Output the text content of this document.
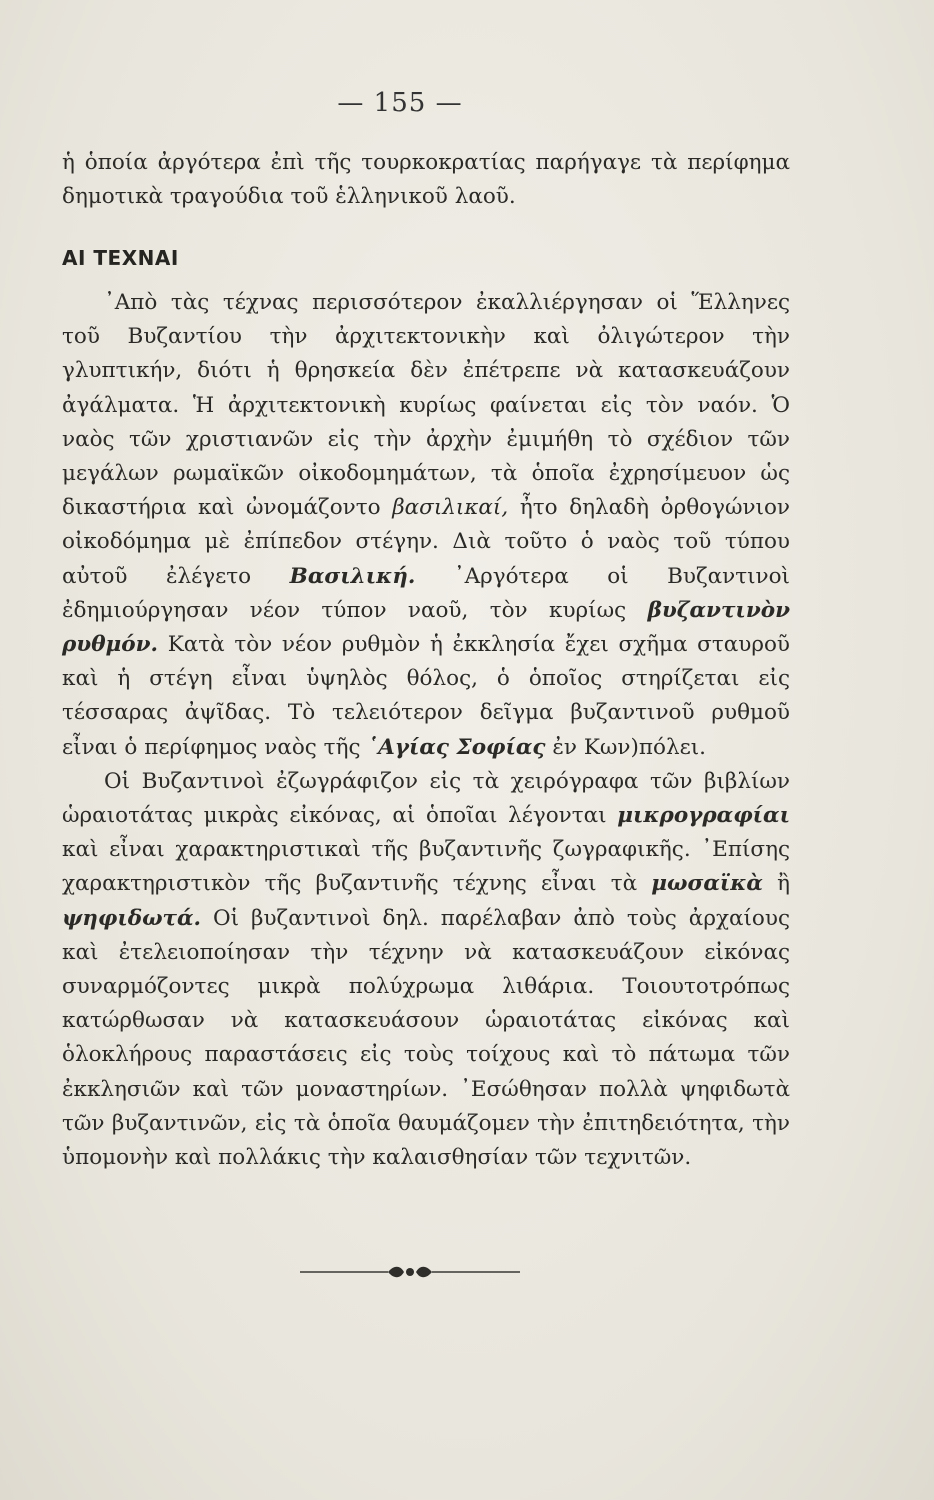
— 155 —

ἡ ὁποία ἀργότερα ἐπὶ τῆς τουρκοκρατίας παρήγαγε τὰ περίφημα δημοτικὰ τραγούδια τοῦ ἑλληνικοῦ λαοῦ.

ΑΙ ΤΕΧΝΑΙ

᾿Απὸ τὰς τέχνας περισσότερον ἐκαλλιέργησαν οἱ Ἕλληνες τοῦ Βυζαντίου τὴν ἀρχιτεκτονικὴν καὶ ὀλιγώτερον τὴν γλυπτικήν, διότι ἡ θρησκεία δὲν ἐπέτρεπε νὰ κατασκευάζουν ἀγάλματα. Ἡ ἀρχιτεκτονικὴ κυρίως φαίνεται εἰς τὸν ναόν. Ὁ ναὸς τῶν χριστιανῶν εἰς τὴν ἀρχὴν ἐμιμήθη τὸ σχέδιον τῶν μεγάλων ρωμαϊκῶν οἰκοδομημάτων, τὰ ὁποῖα ἐχρησίμευον ὡς δικαστήρια καὶ ὠνομάζοντο βασιλικαί, ἦτο δηλαδὴ ὀρθογώνιον οἰκοδόμημα μὲ ἐπίπεδον στέγην. Διὰ τοῦτο ὁ ναὸς τοῦ τύπου αὐτοῦ ἐλέγετο Βασιλική. ᾿Αργότερα οἱ Βυζαντινοὶ ἐδημιούργησαν νέον τύπον ναοῦ, τὸν κυρίως βυζαντινὸν ρυθμόν. Κατὰ τὸν νέον ρυθμὸν ἡ ἐκκλησία ἔχει σχῆμα σταυροῦ καὶ ἡ στέγη εἶναι ὑψηλὸς θόλος, ὁ ὁποῖος στηρίζεται εἰς τέσσαρας ἀψῖδας. Τὸ τελειότερον δεῖγμα βυζαντινοῦ ρυθμοῦ εἶναι ὁ περίφημος ναὸς τῆς ῾Αγίας Σοφίας ἐν Κων)πόλει.

Οἱ Βυζαντινοὶ ἐζωγράφιζον εἰς τὰ χειρόγραφα τῶν βιβλίων ὡραιοτάτας μικρὰς εἰκόνας, αἱ ὁποῖαι λέγονται μικρογραφίαι καὶ εἶναι χαρακτηριστικαὶ τῆς βυζαντινῆς ζωγραφικῆς. ᾿Επίσης χαρακτηριστικὸν τῆς βυζαντινῆς τέχνης εἶναι τὰ μωσαϊκὰ ἢ ψηφιδωτά. Οἱ βυζαντινοὶ δηλ. παρέλαβαν ἀπὸ τοὺς ἀρχαίους καὶ ἐτελειοποίησαν τὴν τέχνην νὰ κατασκευάζουν εἰκόνας συναρμόζοντες μικρὰ πολύχρωμα λιθάρια. Τοιουτοτρόπως κατώρθωσαν νὰ κατασκευάσουν ὡραιοτάτας εἰκόνας καὶ ὁλοκλήρους παραστάσεις εἰς τοὺς τοίχους καὶ τὸ πάτωμα τῶν ἐκκλησιῶν καὶ τῶν μοναστηρίων. ᾿Εσώθησαν πολλὰ ψηφιδωτὰ τῶν βυζαντινῶν, εἰς τὰ ὁποῖα θαυμάζομεν τὴν ἐπιτηδειότητα, τὴν ὑπομονὴν καὶ πολλάκις τὴν καλαισθησίαν τῶν τεχνιτῶν.
